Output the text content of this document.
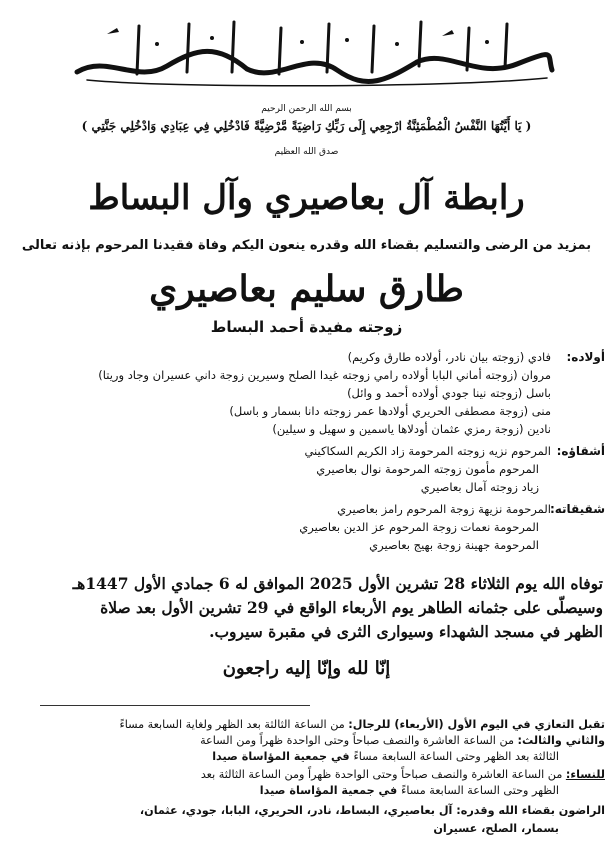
بسم الله الرحمن الرحيم
( يَا أَيَّتُهَا النَّفْسُ الْمُطْمَئِنَّةُ ارْجِعِي إِلَى رَبِّكِ رَاضِيَةً مَّرْضِيَّةً فَادْخُلِي فِي عِبَادِي وَادْخُلِي جَنَّتِي )
صدق الله العظيم
رابطة آل بعاصيري وآل البساط
بمزيد من الرضى والتسليم بقضاء الله وقدره ينعون اليكم وفاة فقيدنا المرحوم بإذنه تعالى
طارق سليم بعاصيري
زوجته مفيدة أحمد البساط
أولاده:
فادي (زوجته بيان نادر، أولاده طارق وكريم)
مروان (زوجته أماني البابا أولاده رامي زوجته غيدا الصلح وسيرين زوجة داني عسيران وجاد وريتا)
باسل (زوجته نينا جودي أولاده أحمد و وائل)
منى (زوجة مصطفى الحريري أولادها عمر زوجته دانا بسمار و باسل)
نادين (زوجة رمزي عثمان أودلاها ياسمين و سهيل و سيلين)
أشقاؤه:
المرحوم نزيه زوجته المرحومة زاد الكريم السكاكيني
المرحوم مأمون زوجته المرحومة نوال بعاصيري
زياد زوجته آمال بعاصيري
شقيقاته:
المرحومة نزيهة زوجة المرحوم رامز بعاصيري
المرحومة نعمات زوجة المرحوم عز الدين بعاصيري
المرحومة جهينة زوجة بهيج بعاصيري
توفاه الله يوم الثلاثاء 28 تشرين الأول 2025 الموافق له 6 جمادي الأول 1447هـ
وسيصلّى على جثمانه الطاهر يوم الأربعاء الواقع في 29 تشرين الأول بعد صلاة
الظهر في مسجد الشهداء وسيوارى الثرى في مقبرة سيروب.
إنّا لله وإنّا إليه راجعون
تقبل التعازي في اليوم الأول (الأربعاء) للرجال: من الساعة الثالثة بعد الظهر ولغاية السابعة مساءً
والثاني والثالث: من الساعة العاشرة والنصف صباحاً وحتى الواحدة ظهراً ومن الساعة
الثالثة بعد الظهر وحتى الساعة السابعة مساءً في جمعية المؤاساة صيدا
للنساء: من الساعة العاشرة والنصف صباحاً وحتى الواحدة ظهراً ومن الساعة الثالثة بعد
الظهر وحتى الساعة السابعة مساءً في جمعية المؤاساة صيدا
الراضون بقضاء الله وقدره: آل بعاصيري، البساط، نادر، الحريري، البابا، جودي، عثمان،
بسمار، الصلح، عسيران
